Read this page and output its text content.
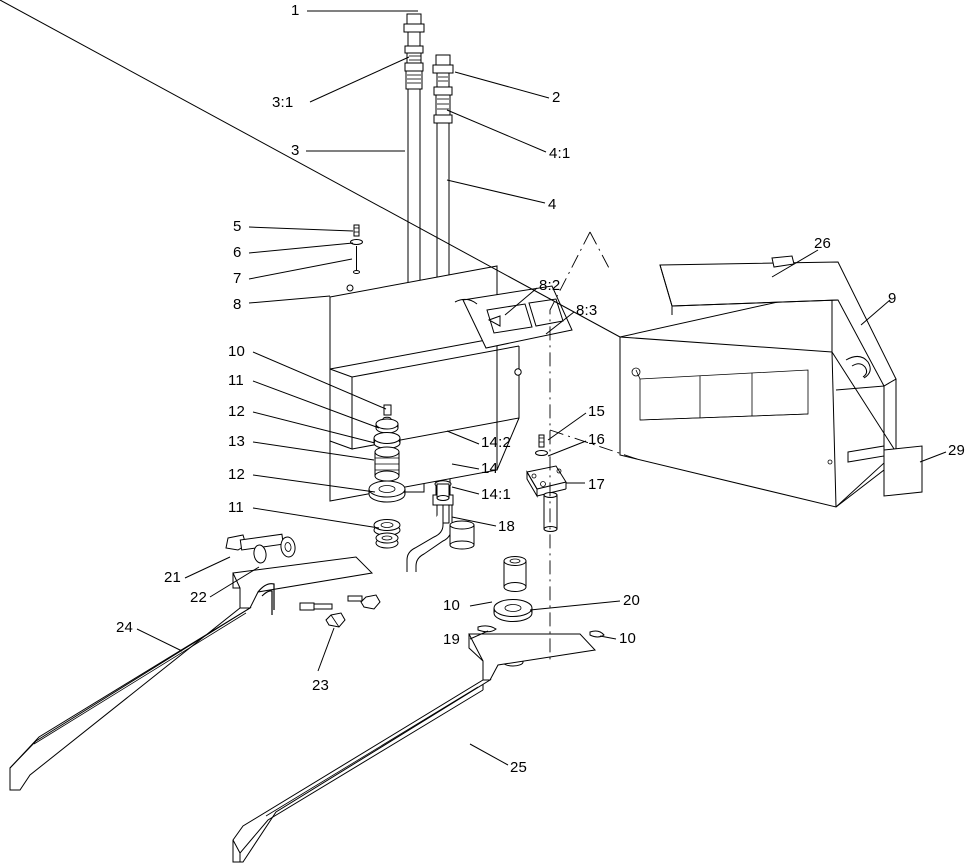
1
3:1	2
3	4:1
4
5
6
7
8
8:2
8:3
26
9
10
11
12
13
12
11
14:2
14
14:1
15
16
17
18
21
22
24
23
10	20
19	10
25
29
